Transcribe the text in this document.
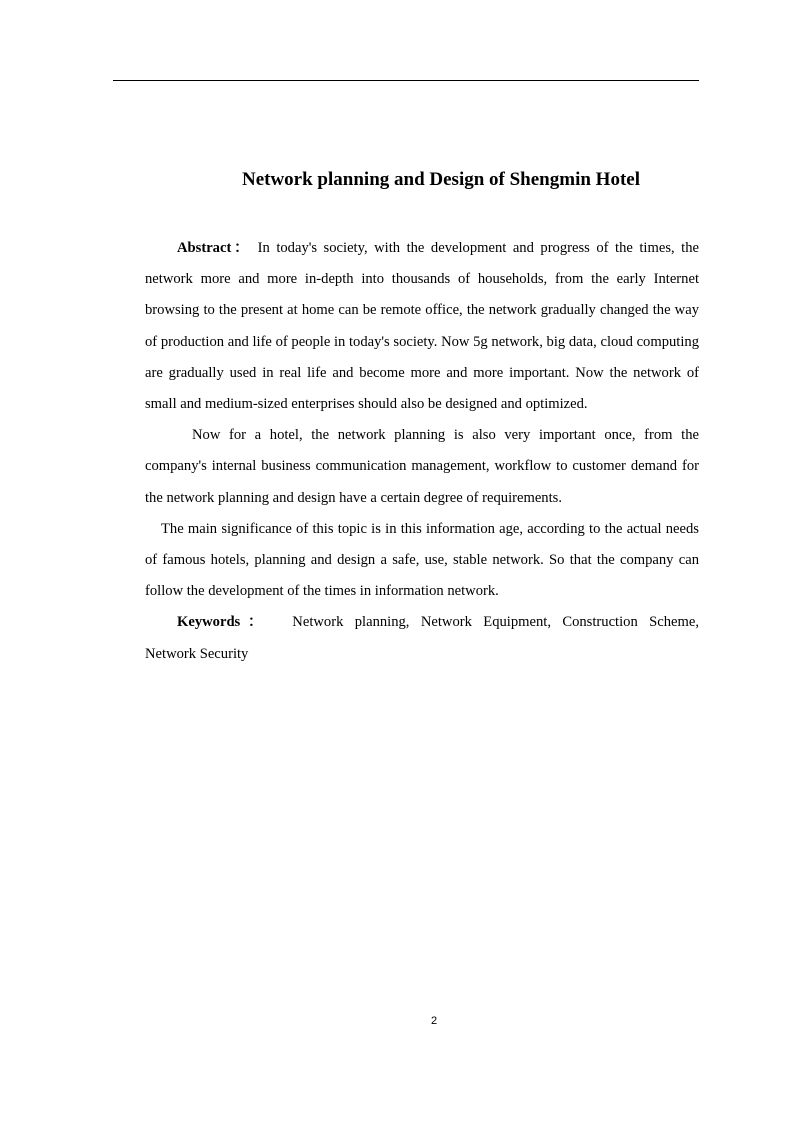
Network planning and Design of Shengmin Hotel

Abstract： In today's society, with the development and progress of the times, the network more and more in-depth into thousands of households, from the early Internet browsing to the present at home can be remote office, the network gradually changed the way of production and life of people in today's society. Now 5g network, big data, cloud computing are gradually used in real life and become more and more important. Now the network of small and medium-sized enterprises should also be designed and optimized.

Now for a hotel, the network planning is also very important once, from the company's internal business communication management, workflow to customer demand for the network planning and design have a certain degree of requirements.

The main significance of this topic is in this information age, according to the actual needs of famous hotels, planning and design a safe, use, stable network. So that the company can follow the development of the times in information network.

Keywords： Network planning, Network Equipment, Construction Scheme, Network Security

2
